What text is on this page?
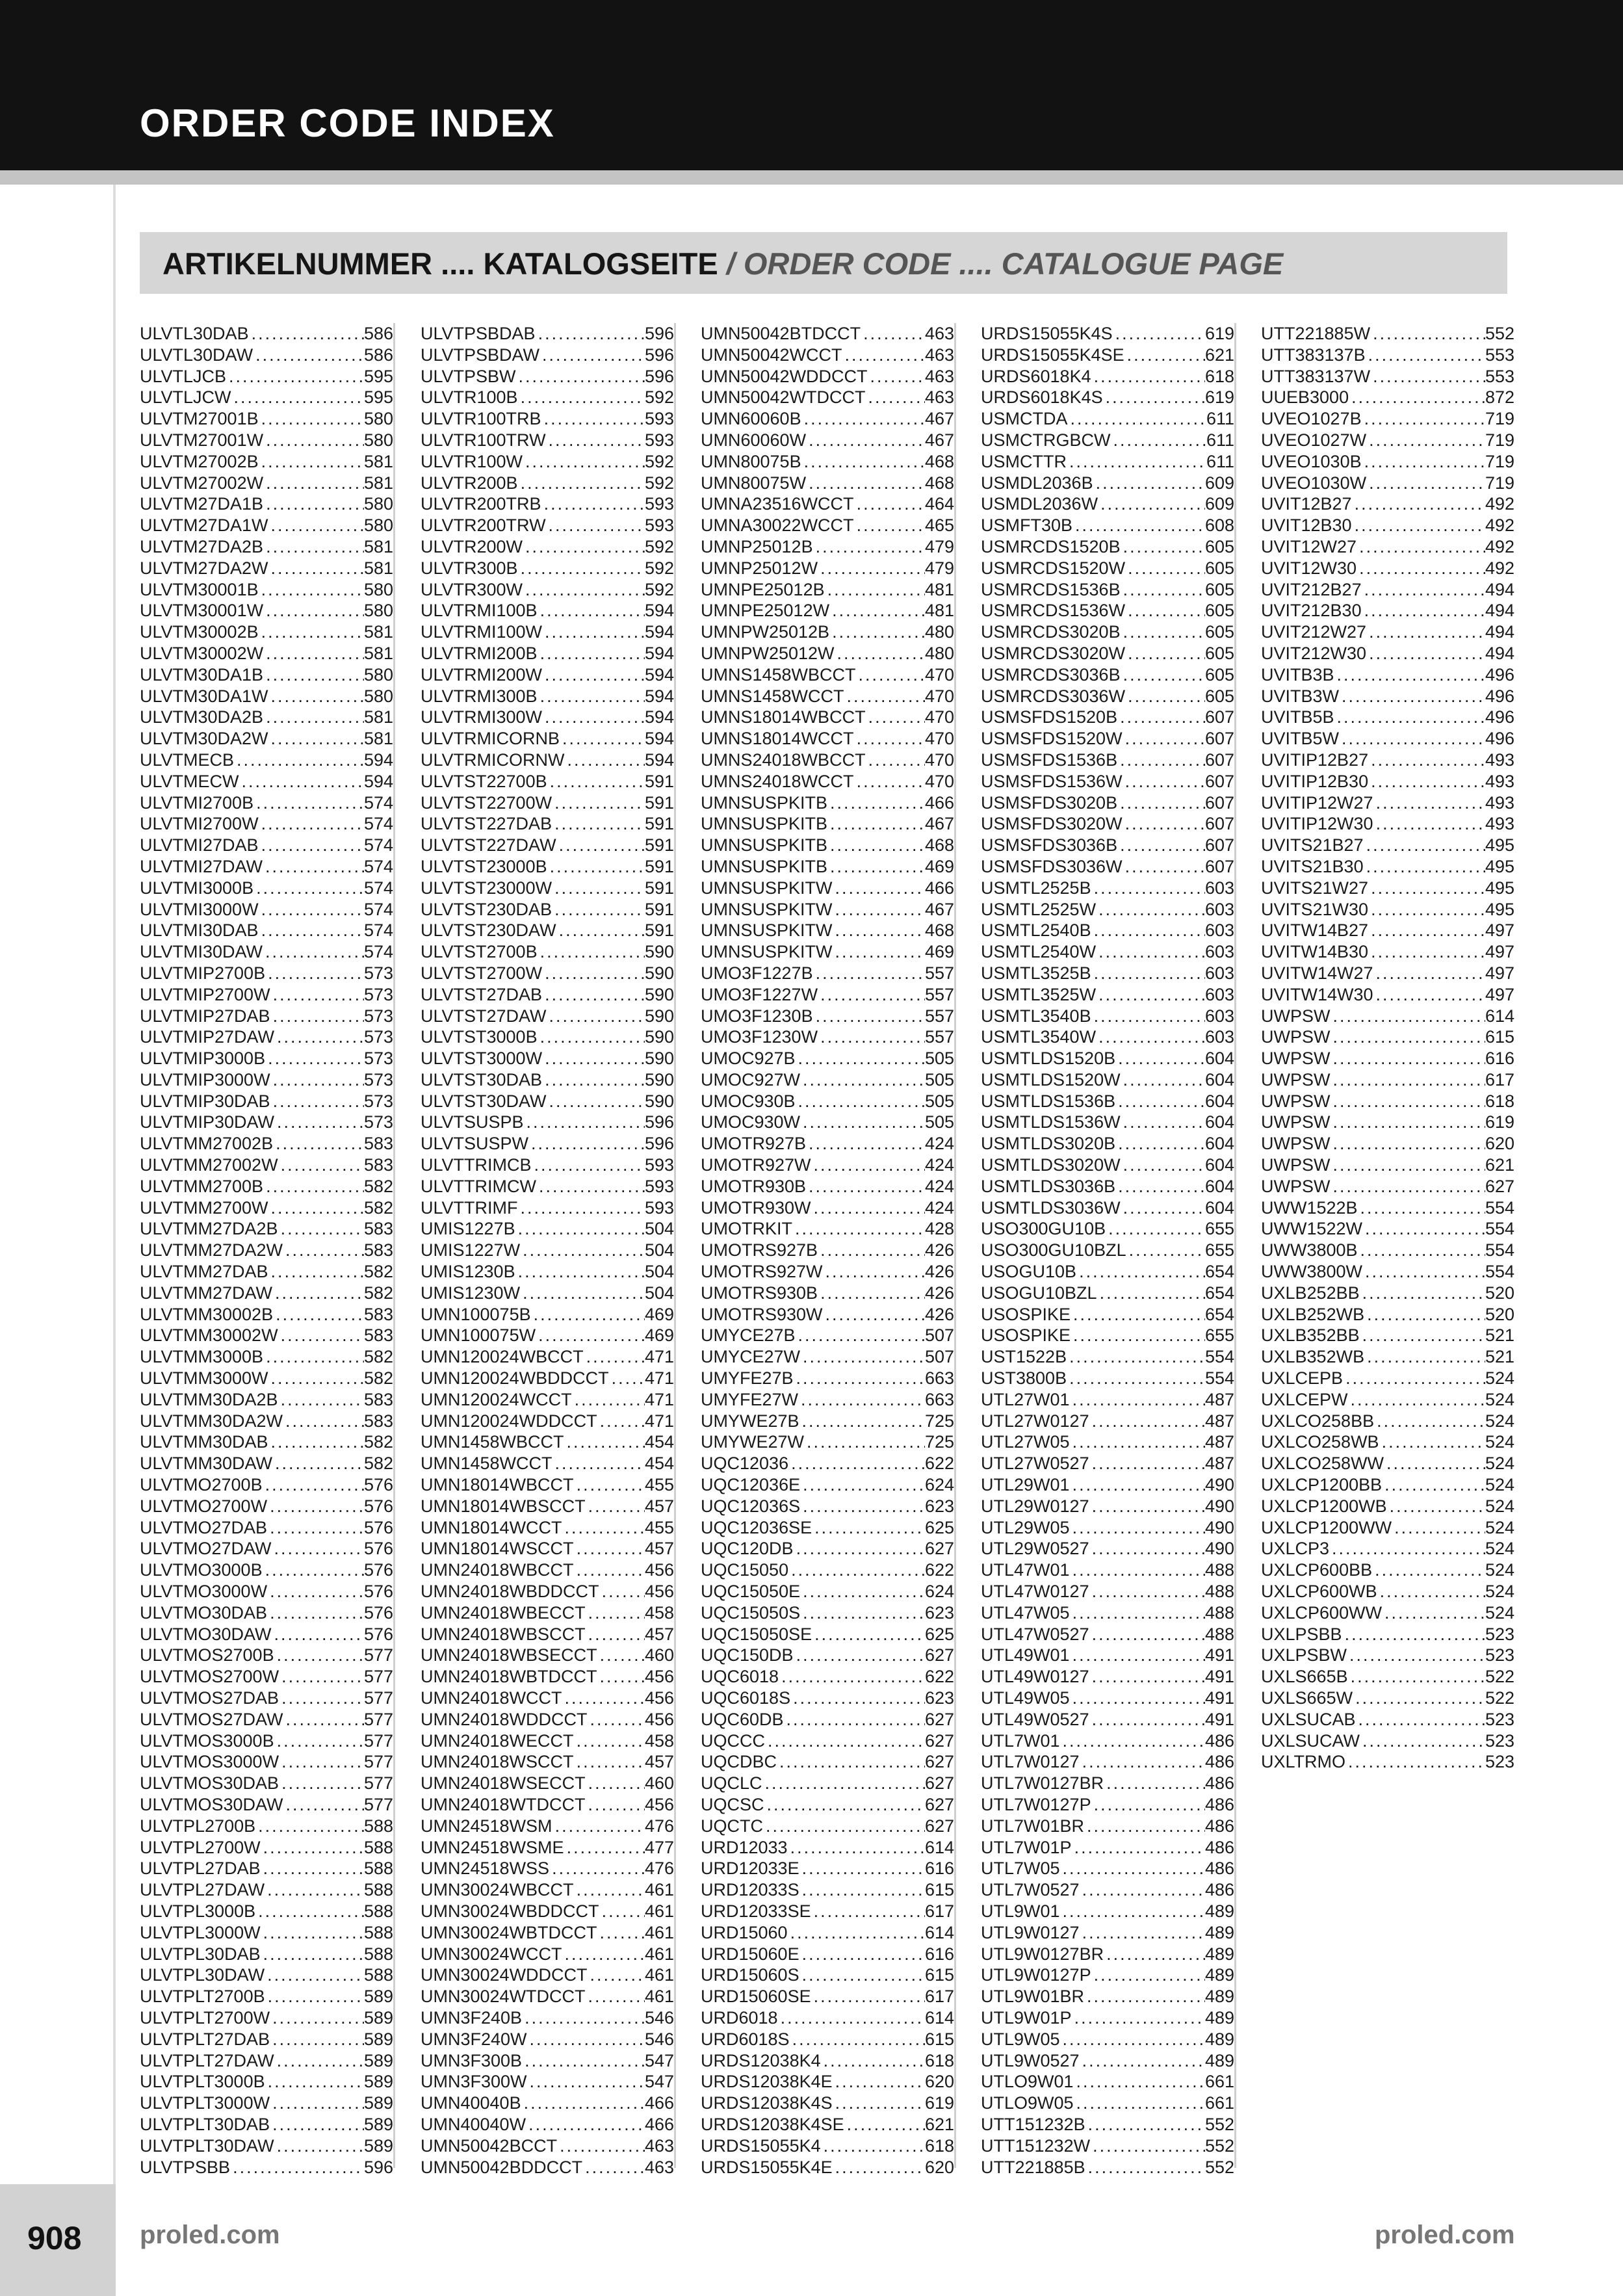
ORDER CODE INDEX
908
ARTIKELNUMMER .... KATALOGSEITE / ORDER CODE .... CATALOGUE PAGE
ULVTL30DAB .....	586
ULVTL30DAW .....	586
ULVTLJCB .....	595
ULVTLJCW .....	595
ULVTM27001B .....	580
ULVTM27001W .....	580
ULVTM27002B .....	581
ULVTM27002W .....	581
ULVTM27DA1B .....	580
ULVTM27DA1W .....	580
ULVTM27DA2B .....	581
ULVTM27DA2W .....	581
ULVTM30001B .....	580
ULVTM30001W .....	580
ULVTM30002B .....	581
ULVTM30002W .....	581
ULVTM30DA1B .....	580
ULVTM30DA1W .....	580
ULVTM30DA2B .....	581
ULVTM30DA2W .....	581
ULVTMECB .....	594
ULVTMECW .....	594
ULVTMI2700B .....	574
ULVTMI2700W .....	574
ULVTMI27DAB .....	574
ULVTMI27DAW .....	574
ULVTMI3000B .....	574
ULVTMI3000W .....	574
ULVTMI30DAB .....	574
ULVTMI30DAW .....	574
ULVTMIP2700B .....	573
ULVTMIP2700W .....	573
ULVTMIP27DAB .....	573
ULVTMIP27DAW .....	573
ULVTMIP3000B .....	573
ULVTMIP3000W .....	573
ULVTMIP30DAB .....	573
ULVTMIP30DAW .....	573
ULVTMM27002B .....	583
ULVTMM27002W .....	583
ULVTMM2700B .....	582
ULVTMM2700W .....	582
ULVTMM27DA2B .....	583
ULVTMM27DA2W .....	583
ULVTMM27DAB .....	582
ULVTMM27DAW .....	582
ULVTMM30002B .....	583
ULVTMM30002W .....	583
ULVTMM3000B .....	582
ULVTMM3000W .....	582
ULVTMM30DA2B .....	583
ULVTMM30DA2W .....	583
ULVTMM30DAB .....	582
ULVTMM30DAW .....	582
ULVTMO2700B .....	576
ULVTMO2700W .....	576
ULVTMO27DAB .....	576
ULVTMO27DAW .....	576
ULVTMO3000B .....	576
ULVTMO3000W .....	576
ULVTMO30DAB .....	576
ULVTMO30DAW .....	576
ULVTMOS2700B .....	577
ULVTMOS2700W .....	577
ULVTMOS27DAB .....	577
ULVTMOS27DAW .....	577
ULVTMOS3000B .....	577
ULVTMOS3000W .....	577
ULVTMOS30DAB .....	577
ULVTMOS30DAW .....	577
ULVTPL2700B .....	588
ULVTPL2700W .....	588
ULVTPL27DAB .....	588
ULVTPL27DAW .....	588
ULVTPL3000B .....	588
ULVTPL3000W .....	588
ULVTPL30DAB .....	588
ULVTPL30DAW .....	588
ULVTPLT2700B .....	589
ULVTPLT2700W .....	589
ULVTPLT27DAB .....	589
ULVTPLT27DAW .....	589
ULVTPLT3000B .....	589
ULVTPLT3000W .....	589
ULVTPLT30DAB .....	589
ULVTPLT30DAW .....	589
ULVTPSBB .....	596
ULVTPSBDAB .....	596
ULVTPSBDAW .....	596
ULVTPSBW .....	596
ULVTR100B .....	592
ULVTR100TRB .....	593
ULVTR100TRW .....	593
ULVTR100W .....	592
ULVTR200B .....	592
ULVTR200TRB .....	593
ULVTR200TRW .....	593
ULVTR200W .....	592
ULVTR300B .....	592
ULVTR300W .....	592
ULVTRMI100B .....	594
ULVTRMI100W .....	594
ULVTRMI200B .....	594
ULVTRMI200W .....	594
ULVTRMI300B .....	594
ULVTRMI300W .....	594
ULVTRMICORNB .....	594
ULVTRMICORNW .....	594
ULVTST22700B .....	591
ULVTST22700W .....	591
ULVTST227DAB .....	591
ULVTST227DAW .....	591
ULVTST23000B .....	591
ULVTST23000W .....	591
ULVTST230DAB .....	591
ULVTST230DAW .....	591
ULVTST2700B .....	590
ULVTST2700W .....	590
ULVTST27DAB .....	590
ULVTST27DAW .....	590
ULVTST3000B .....	590
ULVTST3000W .....	590
ULVTST30DAB .....	590
ULVTST30DAW .....	590
ULVTSUSPB .....	596
ULVTSUSPW .....	596
ULVTTRIMCB .....	593
ULVTTRIMCW .....	593
ULVTTRIMF .....	593
UMIS1227B .....	504
UMIS1227W .....	504
UMIS1230B .....	504
UMIS1230W .....	504
UMN100075B .....	469
UMN100075W .....	469
UMN120024WBCCT .....	471
UMN120024WBDDCCT ..... 471
UMN120024WCCT .....	471
UMN120024WDDCCT .....	471
UMN1458WBCCT .....	454
UMN1458WCCT .....	454
UMN18014WBCCT .....	455
UMN18014WBSCCT .....	457
UMN18014WCCT .....	455
UMN18014WSCCT .....	457
UMN24018WBCCT .....	456
UMN24018WBDDCCT .....	456
UMN24018WBECCT .....	458
UMN24018WBSCCT .....	457
UMN24018WBSECCT .....	460
UMN24018WBTDCCT .....	456
UMN24018WCCT .....	456
UMN24018WDDCCT .....	456
UMN24018WECCT .....	458
UMN24018WSCCT .....	457
UMN24018WSECCT .....	460
UMN24018WTDCCT .....	456
UMN24518WSM .....	476
UMN24518WSME .....	477
UMN24518WSS .....	476
UMN30024WBCCT .....	461
UMN30024WBDDCCT .....	461
UMN30024WBTDCCT .....	461
UMN30024WCCT .....	461
UMN30024WDDCCT .....	461
UMN30024WTDCCT .....	461
UMN3F240B .....	546
UMN3F240W .....	546
UMN3F300B .....	547
UMN3F300W .....	547
UMN40040B .....	466
UMN40040W .....	466
UMN50042BCCT .....	463
UMN50042BDDCCT .....	463
UMN50042BTDCCT .....	463
UMN50042WCCT .....	463
UMN50042WDDCCT .....	463
UMN50042WTDCCT .....	463
UMN60060B .....	467
UMN60060W .....	467
UMN80075B .....	468
UMN80075W .....	468
UMNA23516WCCT .....	464
UMNA30022WCCT .....	465
UMNP25012B .....	479
UMNP25012W .....	479
UMNPE25012B .....	481
UMNPE25012W .....	481
UMNPW25012B .....	480
UMNPW25012W .....	480
UMNS1458WBCCT .....	470
UMNS1458WCCT .....	470
UMNS18014WBCCT .....	470
UMNS18014WCCT .....	470
UMNS24018WBCCT .....	470
UMNS24018WCCT .....	470
UMNSUSPKITB .....	466
UMNSUSPKITB .....	467
UMNSUSPKITB .....	468
UMNSUSPKITB .....	469
UMNSUSPKITW .....	466
UMNSUSPKITW .....	467
UMNSUSPKITW .....	468
UMNSUSPKITW .....	469
UMO3F1227B .....	557
UMO3F1227W .....	557
UMO3F1230B .....	557
UMO3F1230W .....	557
UMOC927B .....	505
UMOC927W .....	505
UMOC930B .....	505
UMOC930W .....	505
UMOTR927B .....	424
UMOTR927W .....	424
UMOTR930B .....	424
UMOTR930W .....	424
UMOTRKIT .....	428
UMOTRS927B .....	426
UMOTRS927W .....	426
UMOTRS930B .....	426
UMOTRS930W .....	426
UMYCE27B .....	507
UMYCE27W .....	507
UMYFE27B .....	663
UMYFE27W .....	663
UMYWE27B .....	725
UMYWE27W .....	725
UQC12036 .....	622
UQC12036E .....	624
UQC12036S .....	623
UQC12036SE .....	625
UQC120DB .....	627
UQC15050 .....	622
UQC15050E .....	624
UQC15050S .....	623
UQC15050SE .....	625
UQC150DB .....	627
UQC6018 .....	622
UQC6018S .....	623
UQC60DB .....	627
UQCCC .....	627
UQCDBC .....	627
UQCLC .....	627
UQCSC .....	627
UQCTC .....	627
URD12033 .....	614
URD12033E .....	616
URD12033S .....	615
URD12033SE .....	617
URD15060 .....	614
URD15060E .....	616
URD15060S .....	615
URD15060SE .....	617
URD6018 .....	614
URD6018S .....	615
URDS12038K4 .....	618
URDS12038K4E .....	620
URDS12038K4S .....	619
URDS12038K4SE .....	621
URDS15055K4 .....	618
URDS15055K4E .....	620
URDS15055K4S .....	619
URDS15055K4SE .....	621
URDS6018K4 .....	618
URDS6018K4S .....	619
USMCTDA .....	611
USMCTRGBCW .....	611
USMCTTR .....	611
USMDL2036B .....	609
USMDL2036W .....	609
USMFT30B .....	608
USMRCDS1520B .....	605
USMRCDS1520W .....	605
USMRCDS1536B .....	605
USMRCDS1536W .....	605
USMRCDS3020B .....	605
USMRCDS3020W .....	605
USMRCDS3036B .....	605
USMRCDS3036W .....	605
USMSFDS1520B .....	607
USMSFDS1520W .....	607
USMSFDS1536B .....	607
USMSFDS1536W .....	607
USMSFDS3020B .....	607
USMSFDS3020W .....	607
USMSFDS3036B .....	607
USMSFDS3036W .....	607
USMTL2525B .....	603
USMTL2525W .....	603
USMTL2540B .....	603
USMTL2540W .....	603
USMTL3525B .....	603
USMTL3525W .....	603
USMTL3540B .....	603
USMTL3540W .....	603
USMTLDS1520B .....	604
USMTLDS1520W .....	604
USMTLDS1536B .....	604
USMTLDS1536W .....	604
USMTLDS3020B .....	604
USMTLDS3020W .....	604
USMTLDS3036B .....	604
USMTLDS3036W .....	604
USO300GU10B .....	655
USO300GU10BZL .....	655
USOGU10B .....	654
USOGU10BZL .....	654
USOSPIKE .....	654
USOSPIKE .....	655
UST1522B .....	554
UST3800B .....	554
UTL27W01 .....	487
UTL27W0127 .....	487
UTL27W05 .....	487
UTL27W0527 .....	487
UTL29W01 .....	490
UTL29W0127 .....	490
UTL29W05 .....	490
UTL29W0527 .....	490
UTL47W01 .....	488
UTL47W0127 .....	488
UTL47W05 .....	488
UTL47W0527 .....	488
UTL49W01 .....	491
UTL49W0127 .....	491
UTL49W05 .....	491
UTL49W0527 .....	491
UTL7W01 .....	486
UTL7W0127 .....	486
UTL7W0127BR .....	486
UTL7W0127P .....	486
UTL7W01BR .....	486
UTL7W01P .....	486
UTL7W05 .....	486
UTL7W0527 .....	486
UTL9W01 .....	489
UTL9W0127 .....	489
UTL9W0127BR .....	489
UTL9W0127P .....	489
UTL9W01BR .....	489
UTL9W01P .....	489
UTL9W05 .....	489
UTL9W0527 .....	489
UTLO9W01 .....	661
UTLO9W05 .....	661
UTT151232B .....	552
UTT151232W .....	552
UTT221885B .....	552
UTT221885W .....	552
UTT383137B .....	553
UTT383137W .....	553
UUEB3000 .....	872
UVEO1027B .....	719
UVEO1027W .....	719
UVEO1030B .....	719
UVEO1030W .....	719
UVIT12B27 .....	492
UVIT12B30 .....	492
UVIT12W27 .....	492
UVIT12W30 .....	492
UVIT212B27 .....	494
UVIT212B30 .....	494
UVIT212W27 .....	494
UVIT212W30 .....	494
UVITB3B .....	496
UVITB3W .....	496
UVITB5B .....	496
UVITB5W .....	496
UVITIP12B27 .....	493
UVITIP12B30 .....	493
UVITIP12W27 .....	493
UVITIP12W30 .....	493
UVITS21B27 .....	495
UVITS21B30 .....	495
UVITS21W27 .....	495
UVITS21W30 .....	495
UVITW14B27 .....	497
UVITW14B30 .....	497
UVITW14W27 .....	497
UVITW14W30 .....	497
UWPSW .....	614
UWPSW .....	615
UWPSW .....	616
UWPSW .....	617
UWPSW .....	618
UWPSW .....	619
UWPSW .....	620
UWPSW .....	621
UWPSW .....	627
UWW1522B .....	554
UWW1522W .....	554
UWW3800B .....	554
UWW3800W .....	554
UXLB252BB .....	520
UXLB252WB .....	520
UXLB352BB .....	521
UXLB352WB .....	521
UXLCEPB .....	524
UXLCEPW .....	524
UXLCO258BB .....	524
UXLCO258WB .....	524
UXLCO258WW .....	524
UXLCP1200BB .....	524
UXLCP1200WB .....	524
UXLCP1200WW .....	524
UXLCP3 .....	524
UXLCP600BB .....	524
UXLCP600WB .....	524
UXLCP600WW .....	524
UXLPSBB .....	523
UXLPSBW .....	523
UXLS665B .....	522
UXLS665W .....	522
UXLSUCAB .....	523
UXLSUCAW .....	523
UXLTRMO .....	523
proled.com	proled.com
